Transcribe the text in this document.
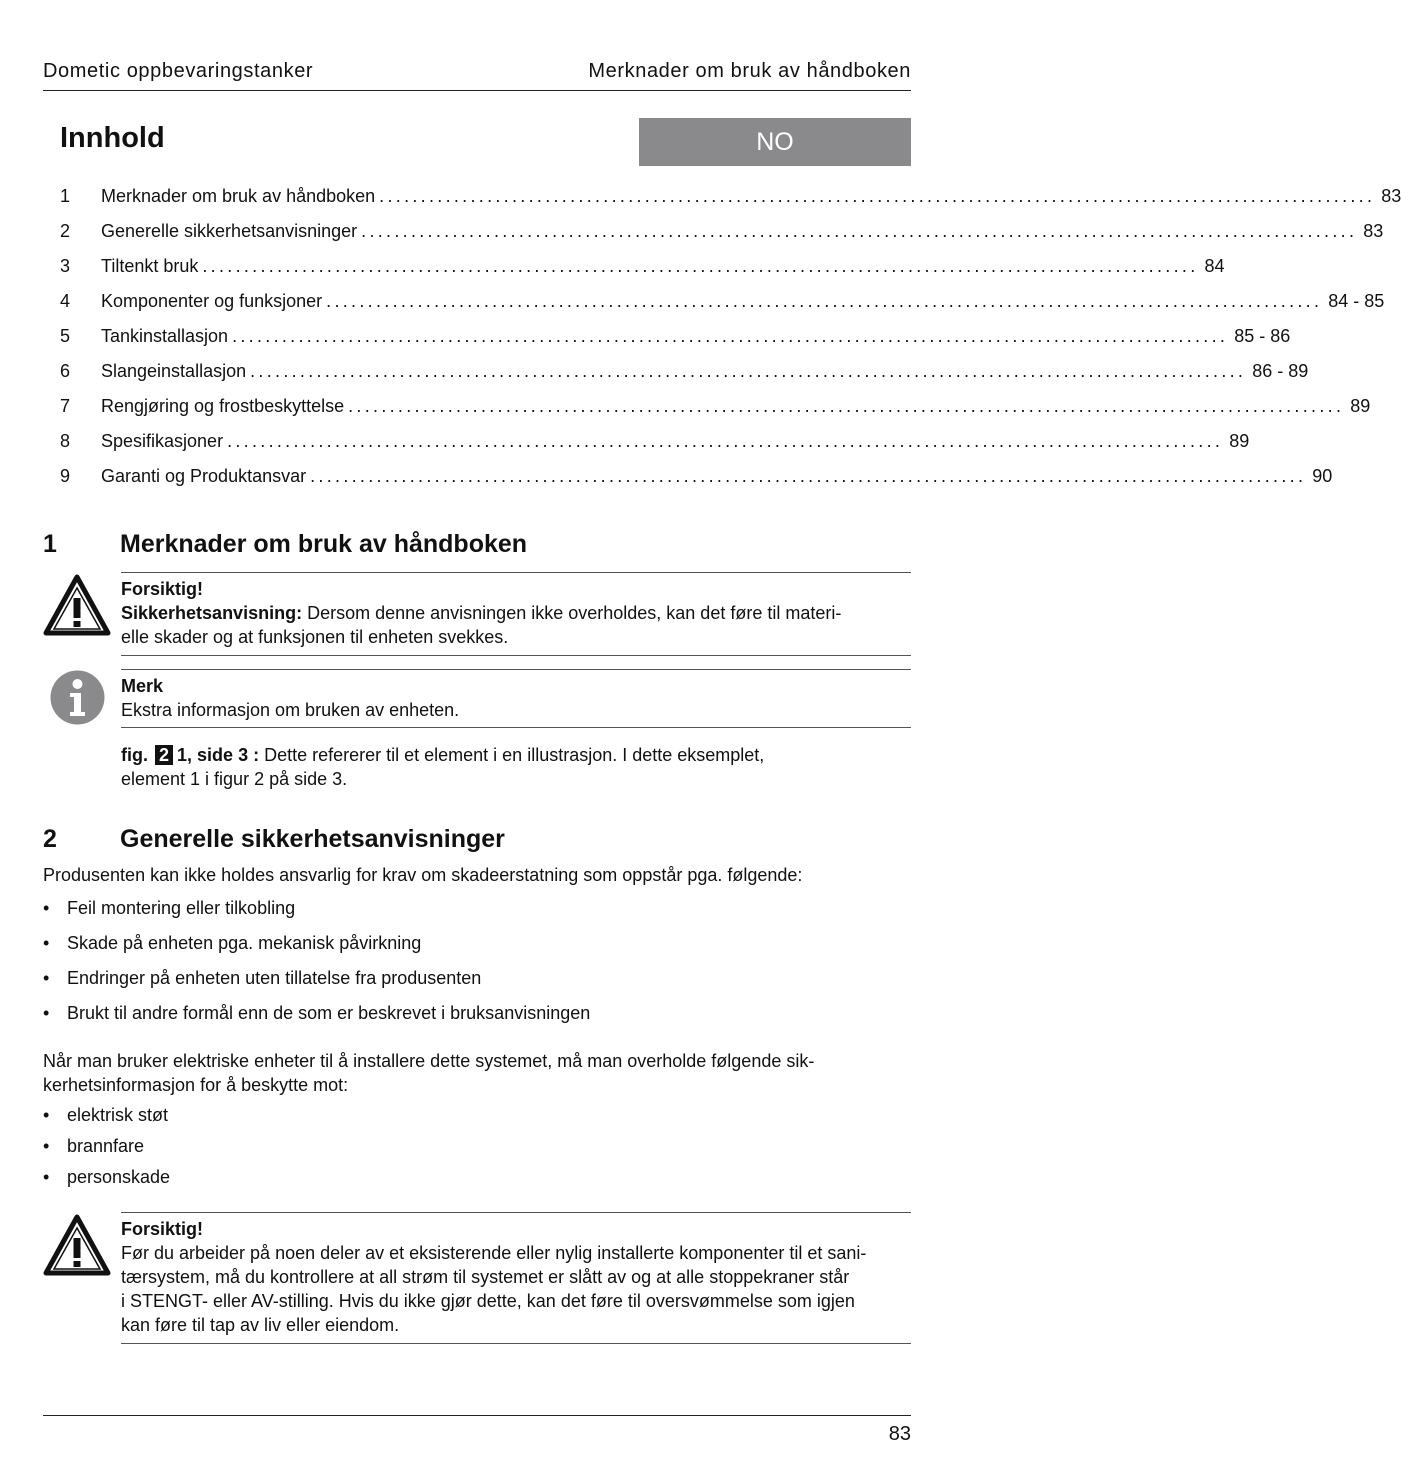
Dometic oppbevaringstanker	Merknader om bruk av håndboken
Innhold	NO
1	Merknader om bruk av håndboken ........................................................................................................................ 83
2	Generelle sikkerhetsanvisninger ........................................................................................................................ 83
3	Tiltenkt bruk ........................................................................................................................ 84
4	Komponenter og funksjoner ........................................................................................................................ 84 - 85
5	Tankinstallasjon ........................................................................................................................ 85 - 86
6	Slangeinstallasjon ........................................................................................................................ 86 - 89
7	Rengjøring og frostbeskyttelse ........................................................................................................................ 89
8	Spesifikasjoner ........................................................................................................................ 89
9	Garanti og Produktansvar ........................................................................................................................ 90
1	Merknader om bruk av håndboken
Forsiktig!
Sikkerhetsanvisning: Dersom denne anvisningen ikke overholdes, kan det føre til materi-
elle skader og at funksjonen til enheten svekkes.
Merk
Ekstra informasjon om bruken av enheten.
fig. 2 1, side 3 : Dette refererer til et element i en illustrasjon. I dette eksemplet,
element 1 i figur 2 på side 3.
2	Generelle sikkerhetsanvisninger
Produsenten kan ikke holdes ansvarlig for krav om skadeerstatning som oppstår pga. følgende:
• Feil montering eller tilkobling
• Skade på enheten pga. mekanisk påvirkning
• Endringer på enheten uten tillatelse fra produsenten
• Brukt til andre formål enn de som er beskrevet i bruksanvisningen
Når man bruker elektriske enheter til å installere dette systemet, må man overholde følgende sik-
kerhetsinformasjon for å beskytte mot:
• elektrisk støt
• brannfare
• personskade
Forsiktig!
Før du arbeider på noen deler av et eksisterende eller nylig installerte komponenter til et sani-
tærsystem, må du kontrollere at all strøm til systemet er slått av og at alle stoppekraner står
i STENGT- eller AV-stilling. Hvis du ikke gjør dette, kan det føre til oversvømmelse som igjen
kan føre til tap av liv eller eiendom.
83
